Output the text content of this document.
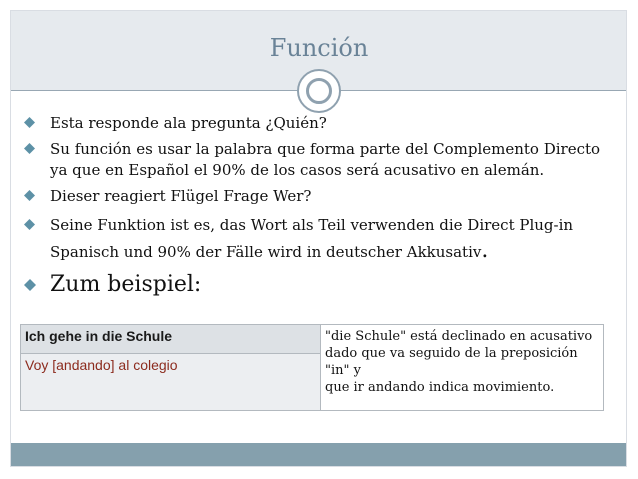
Función
Esta responde ala pregunta ¿Quién?
Su función es usar la palabra que forma parte del Complemento Directo ya que en Español el 90% de los casos será acusativo en alemán.
Dieser reagiert Flügel Frage Wer?
Seine Funktion ist es, das Wort als Teil verwenden die Direct Plug-in Spanisch und 90% der Fälle wird in deutscher Akkusativ.
Zum beispiel:
Ich gehe in die Schule	"die Schule" está declinado en acusativo
dado que va seguido de la preposición
"in" y
que ir andando indica movimiento.

Voy [andando] al colegio
